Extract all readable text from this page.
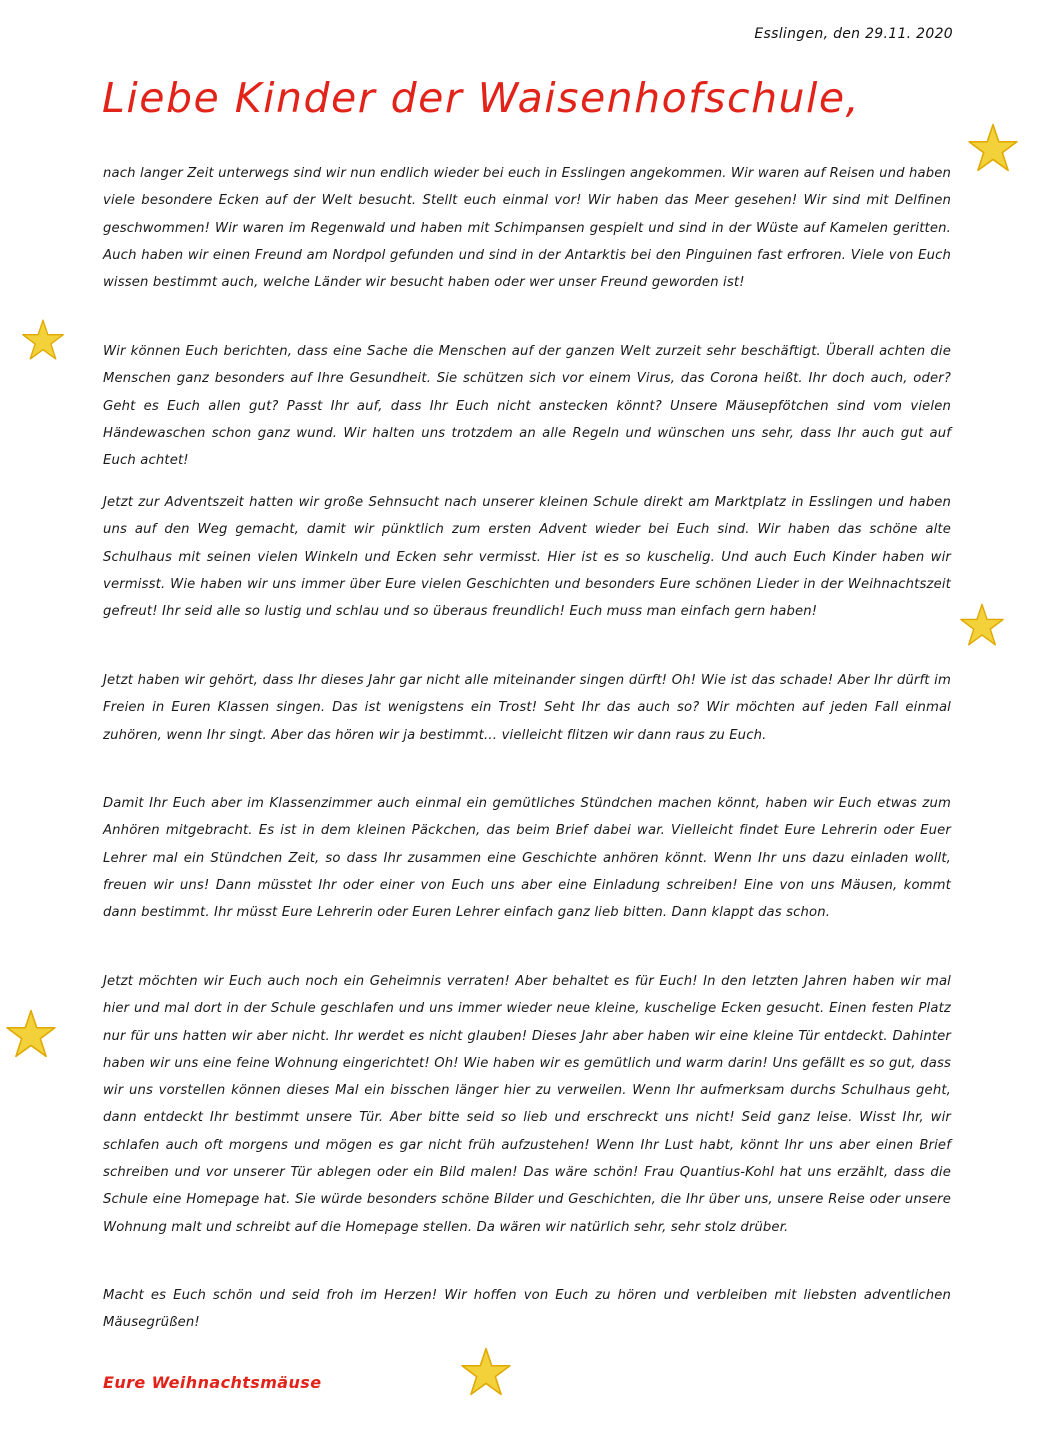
Esslingen, den 29.11. 2020
Liebe Kinder der Waisenhofschule,

nach langer Zeit unterwegs sind wir nun endlich wieder bei euch in Esslingen angekommen. Wir waren auf Reisen und haben viele besondere Ecken auf der Welt besucht. Stellt euch einmal vor! Wir haben das Meer gesehen! Wir sind mit Delfinen geschwommen! Wir waren im Regenwald und haben mit Schimpansen gespielt und sind in der Wüste auf Kamelen geritten. Auch haben wir einen Freund am Nordpol gefunden und sind in der Antarktis bei den Pinguinen fast erfroren. Viele von Euch wissen bestimmt auch, welche Länder wir besucht haben oder wer unser Freund geworden ist!

Wir können Euch berichten, dass eine Sache die Menschen auf der ganzen Welt zurzeit sehr beschäftigt. Überall achten die Menschen ganz besonders auf Ihre Gesundheit. Sie schützen sich vor einem Virus, das Corona heißt. Ihr doch auch, oder? Geht es Euch allen gut? Passt Ihr auf, dass Ihr Euch nicht anstecken könnt? Unsere Mäusepfötchen sind vom vielen Händewaschen schon ganz wund. Wir halten uns trotzdem an alle Regeln und wünschen uns sehr, dass Ihr auch gut auf Euch achtet!

Jetzt zur Adventszeit hatten wir große Sehnsucht nach unserer kleinen Schule direkt am Marktplatz in Esslingen und haben uns auf den Weg gemacht, damit wir pünktlich zum ersten Advent wieder bei Euch sind. Wir haben das schöne alte Schulhaus mit seinen vielen Winkeln und Ecken sehr vermisst. Hier ist es so kuschelig. Und auch Euch Kinder haben wir vermisst. Wie haben wir uns immer über Eure vielen Geschichten und besonders Eure schönen Lieder in der Weihnachtszeit gefreut! Ihr seid alle so lustig und schlau und so überaus freundlich! Euch muss man einfach gern haben!

Jetzt haben wir gehört, dass Ihr dieses Jahr gar nicht alle miteinander singen dürft! Oh! Wie ist das schade! Aber Ihr dürft im Freien in Euren Klassen singen. Das ist wenigstens ein Trost! Seht Ihr das auch so? Wir möchten auf jeden Fall einmal zuhören, wenn Ihr singt. Aber das hören wir ja bestimmt… vielleicht flitzen wir dann raus zu Euch.

Damit Ihr Euch aber im Klassenzimmer auch einmal ein gemütliches Stündchen machen könnt, haben wir Euch etwas zum Anhören mitgebracht. Es ist in dem kleinen Päckchen, das beim Brief dabei war. Vielleicht findet Eure Lehrerin oder Euer Lehrer mal ein Stündchen Zeit, so dass Ihr zusammen eine Geschichte anhören könnt. Wenn Ihr uns dazu einladen wollt, freuen wir uns! Dann müsstet Ihr oder einer von Euch uns aber eine Einladung schreiben! Eine von uns Mäusen, kommt dann bestimmt. Ihr müsst Eure Lehrerin oder Euren Lehrer einfach ganz lieb bitten. Dann klappt das schon.

Jetzt möchten wir Euch auch noch ein Geheimnis verraten! Aber behaltet es für Euch! In den letzten Jahren haben wir mal hier und mal dort in der Schule geschlafen und uns immer wieder neue kleine, kuschelige Ecken gesucht. Einen festen Platz nur für uns hatten wir aber nicht. Ihr werdet es nicht glauben! Dieses Jahr aber haben wir eine kleine Tür entdeckt. Dahinter haben wir uns eine feine Wohnung eingerichtet! Oh! Wie haben wir es gemütlich und warm darin! Uns gefällt es so gut, dass wir uns vorstellen können dieses Mal ein bisschen länger hier zu verweilen. Wenn Ihr aufmerksam durchs Schulhaus geht, dann entdeckt Ihr bestimmt unsere Tür. Aber bitte seid so lieb und erschreckt uns nicht! Seid ganz leise. Wisst Ihr, wir schlafen auch oft morgens und mögen es gar nicht früh aufzustehen! Wenn Ihr Lust habt, könnt Ihr uns aber einen Brief schreiben und vor unserer Tür ablegen oder ein Bild malen! Das wäre schön! Frau Quantius-Kohl hat uns erzählt, dass die Schule eine Homepage hat. Sie würde besonders schöne Bilder und Geschichten, die Ihr über uns, unsere Reise oder unsere Wohnung malt und schreibt auf die Homepage stellen. Da wären wir natürlich sehr, sehr stolz drüber.

Macht es Euch schön und seid froh im Herzen! Wir hoffen von Euch zu hören und verbleiben mit liebsten adventlichen Mäusegrüßen!

Eure Weihnachtsmäuse
